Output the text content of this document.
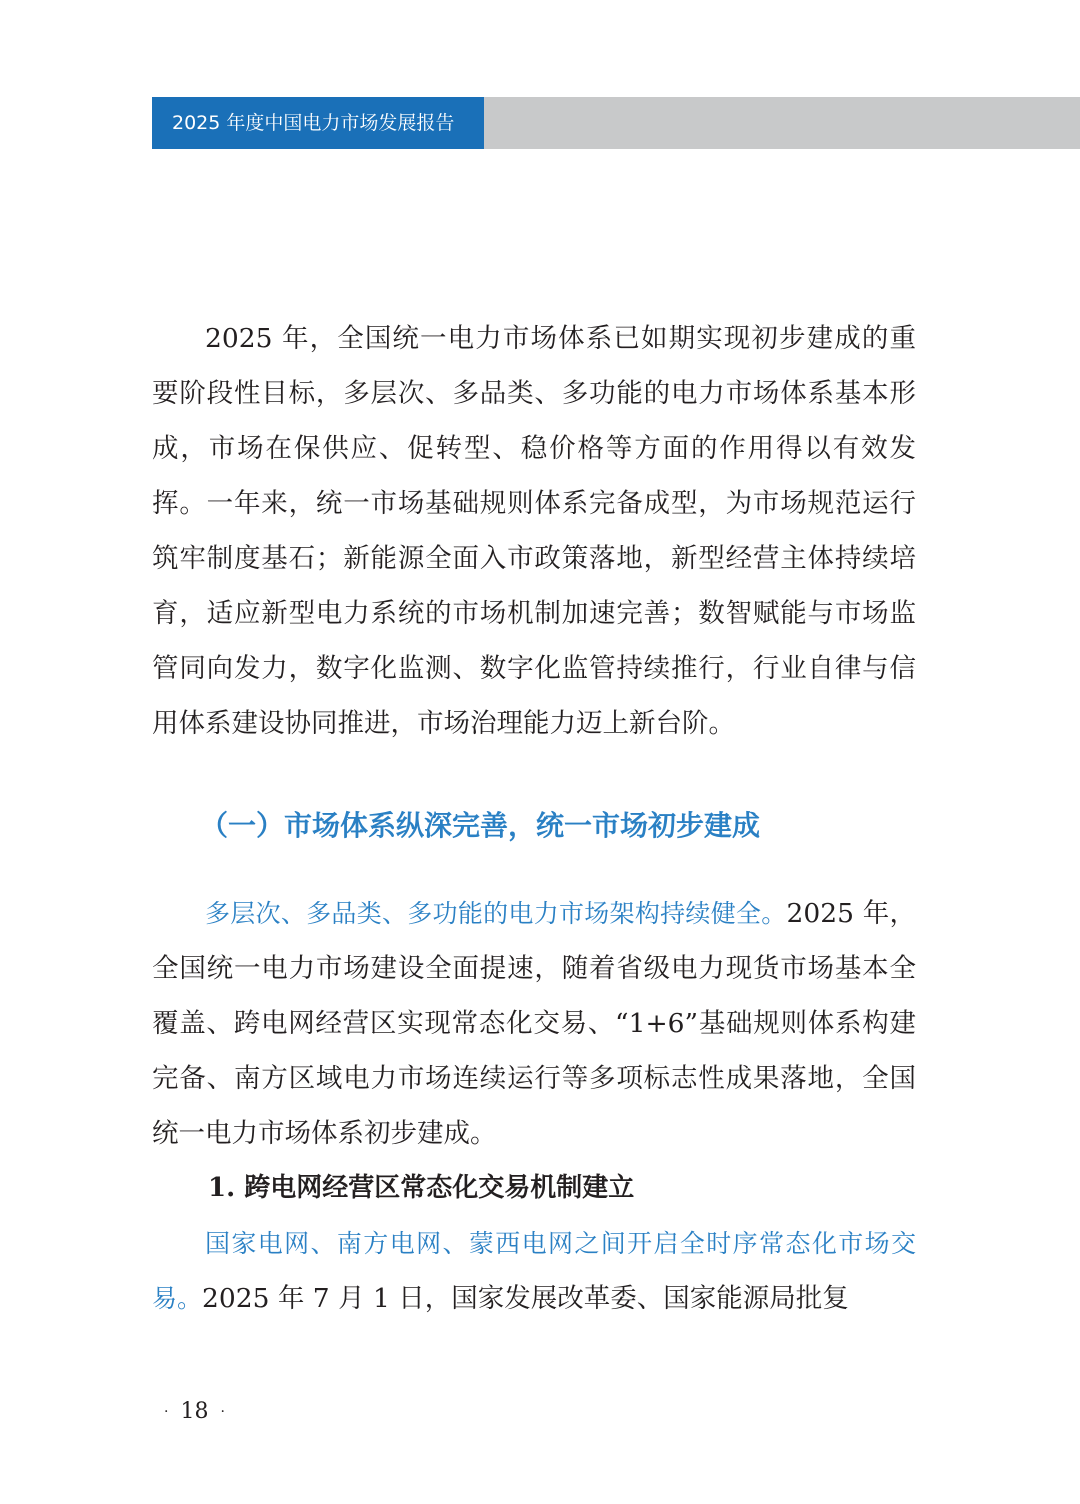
2025 年度中国电力市场发展报告

2025 年，全国统一电力市场体系已如期实现初步建成的重要阶段性目标，多层次、多品类、多功能的电力市场体系基本形成，市场在保供应、促转型、稳价格等方面的作用得以有效发挥。一年来，统一市场基础规则体系完备成型，为市场规范运行筑牢制度基石；新能源全面入市政策落地，新型经营主体持续培育，适应新型电力系统的市场机制加速完善；数智赋能与市场监管同向发力，数字化监测、数字化监管持续推行，行业自律与信用体系建设协同推进，市场治理能力迈上新台阶。

（一）市场体系纵深完善，统一市场初步建成

多层次、多品类、多功能的电力市场架构持续健全。2025 年，全国统一电力市场建设全面提速，随着省级电力现货市场基本全覆盖、跨电网经营区实现常态化交易、“1+6”基础规则体系构建完备、南方区域电力市场连续运行等多项标志性成果落地，全国统一电力市场体系初步建成。

1. 跨电网经营区常态化交易机制建立

国家电网、南方电网、蒙西电网之间开启全时序常态化市场交易。2025 年 7 月 1 日，国家发展改革委、国家能源局批复

· 18 ·
